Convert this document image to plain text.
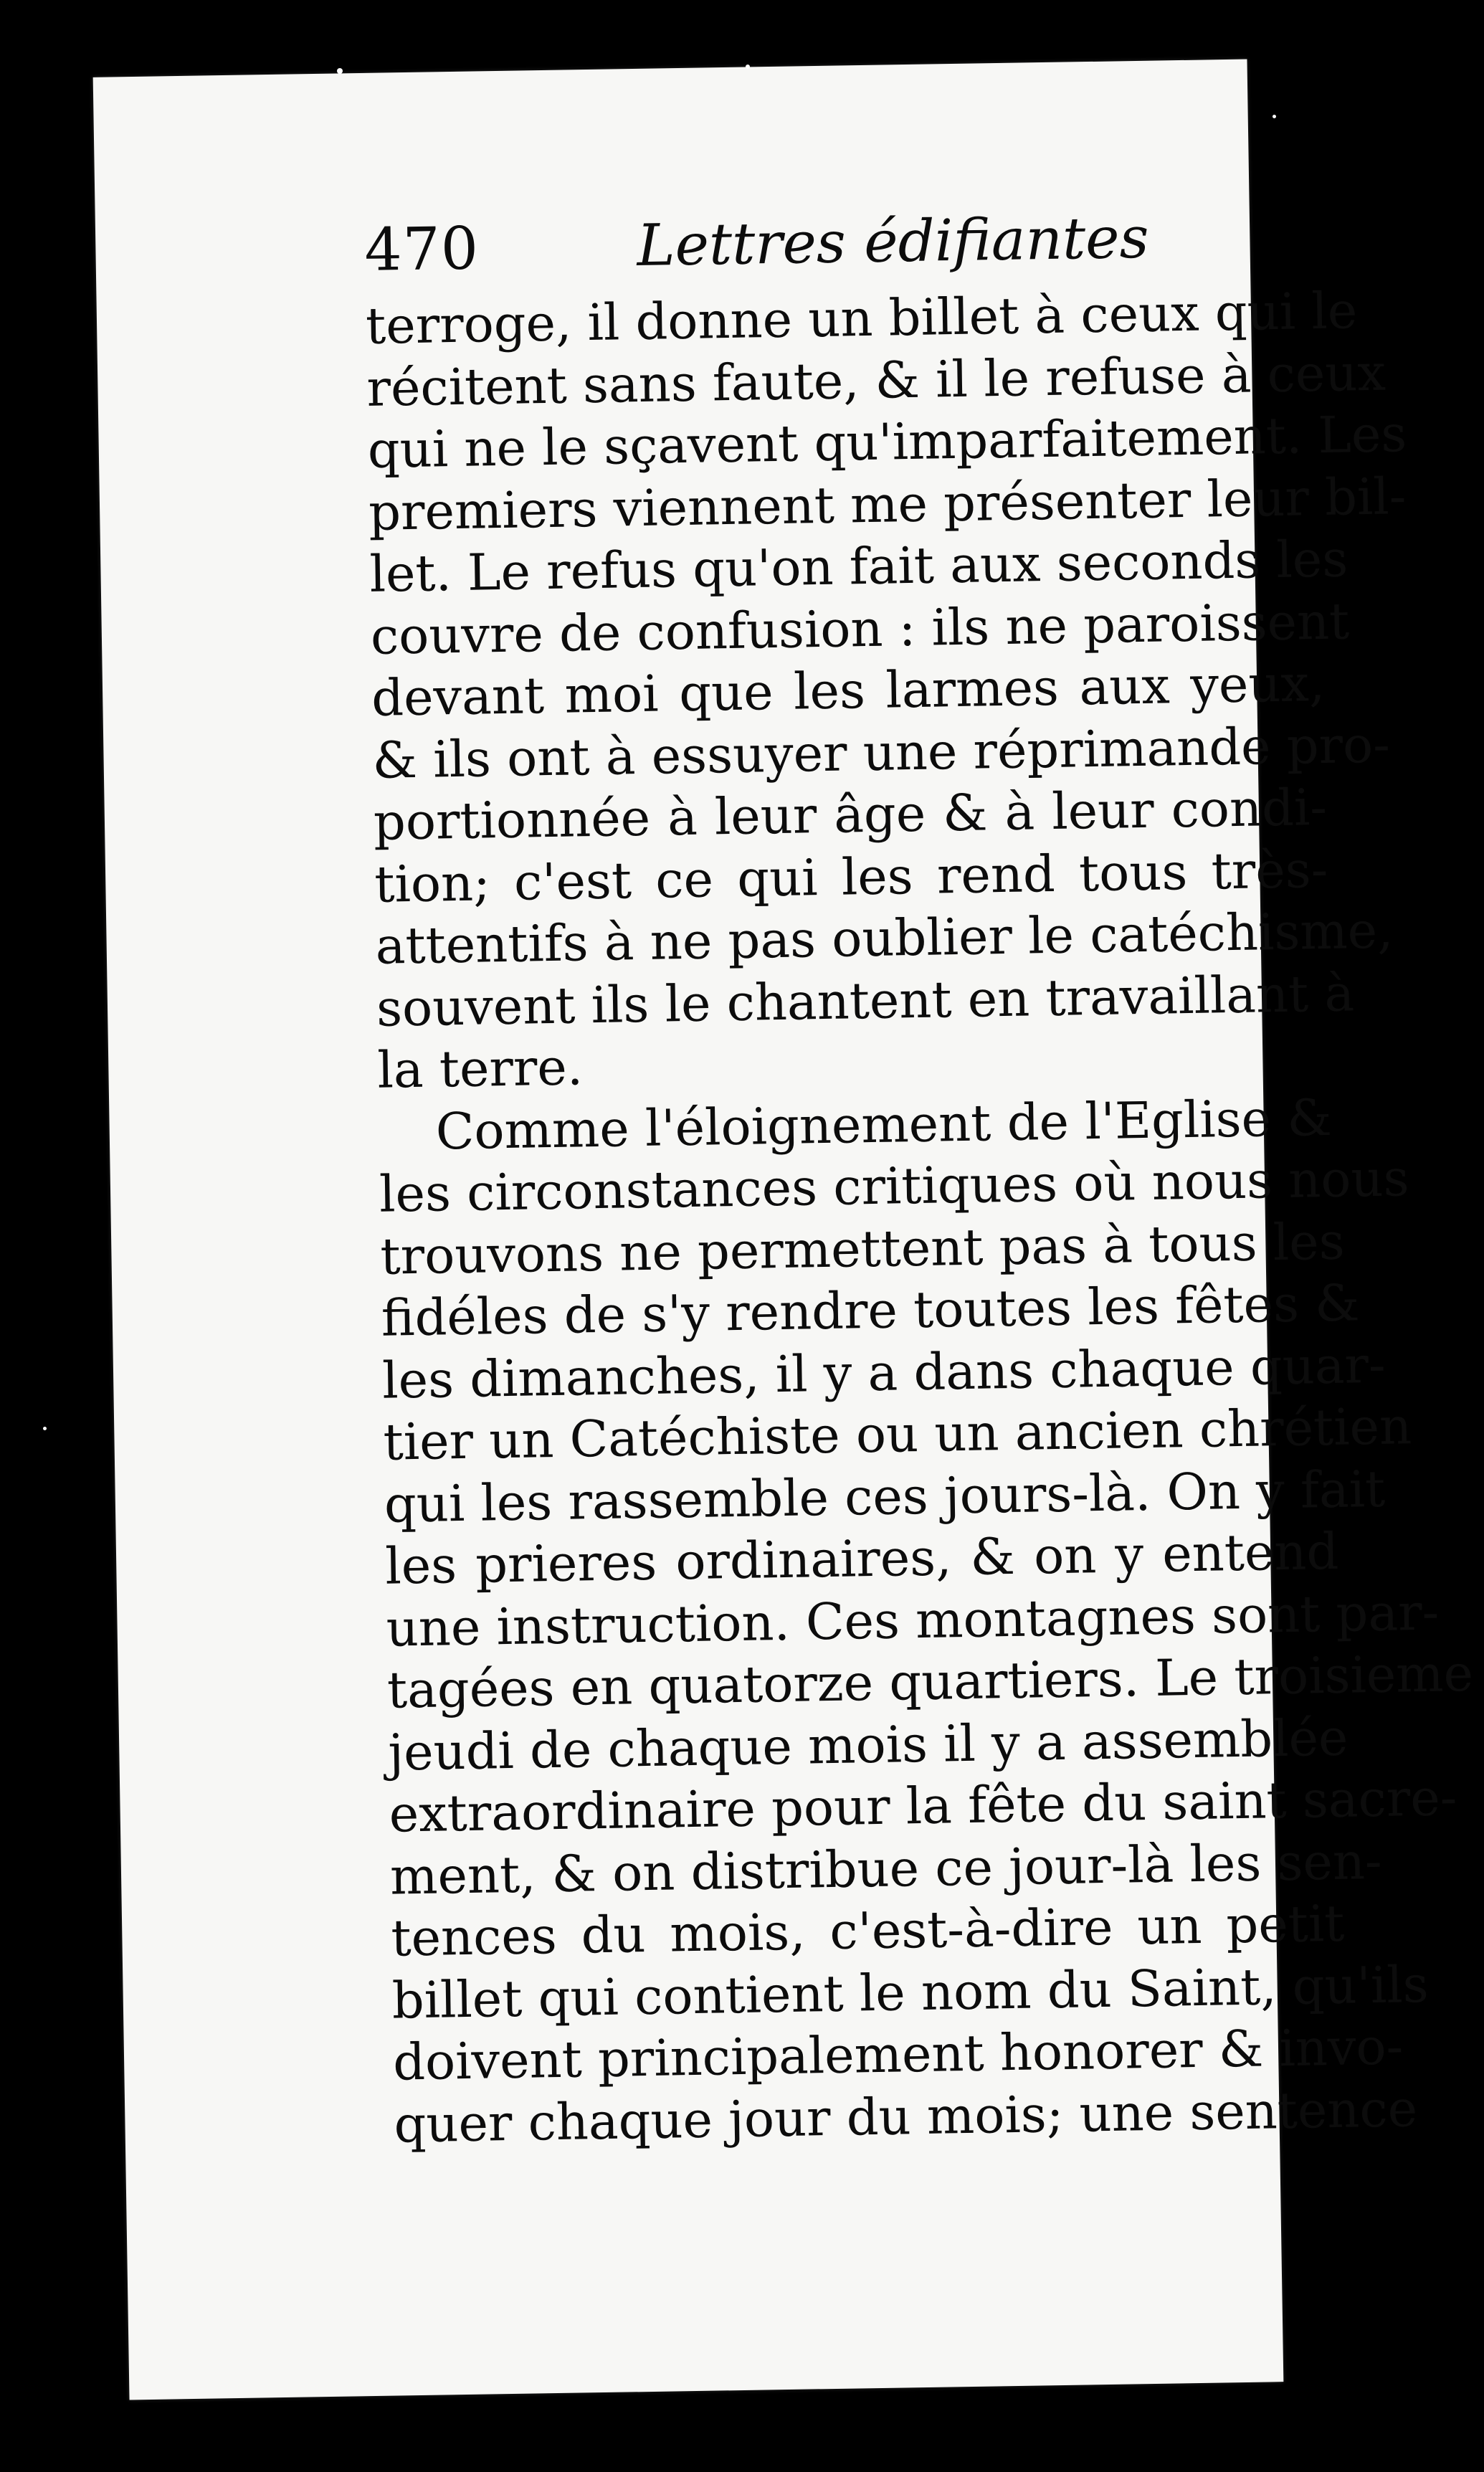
470	Lettres édifiantes
terroge, il donne un billet à ceux qui le
récitent sans faute, & il le refuse à ceux
qui ne le sçavent qu'imparfaitement. Les
premiers viennent me présenter leur bil-
let. Le refus qu'on fait aux seconds les
couvre de confusion : ils ne paroissent
devant moi que les larmes aux yeux,
& ils ont à essuyer une réprimande pro-
portionnée à leur âge & à leur condi-
tion; c'est ce qui les rend tous très-
attentifs à ne pas oublier le catéchisme,
souvent ils le chantent en travaillant à
la terre.
Comme l'éloignement de l'Eglise &
les circonstances critiques où nous nous
trouvons ne permettent pas à tous les
fidéles de s'y rendre toutes les fêtes &
les dimanches, il y a dans chaque quar-
tier un Catéchiste ou un ancien chrétien
qui les rassemble ces jours-là. On y fait
les prieres ordinaires, & on y entend
une instruction. Ces montagnes sont par-
tagées en quatorze quartiers. Le troisieme
jeudi de chaque mois il y a assemblée
extraordinaire pour la fête du saint sacre-
ment, & on distribue ce jour-là les sen-
tences du mois, c'est-à-dire un petit
billet qui contient le nom du Saint, qu'ils
doivent principalement honorer & invo-
quer chaque jour du mois; une sentence
